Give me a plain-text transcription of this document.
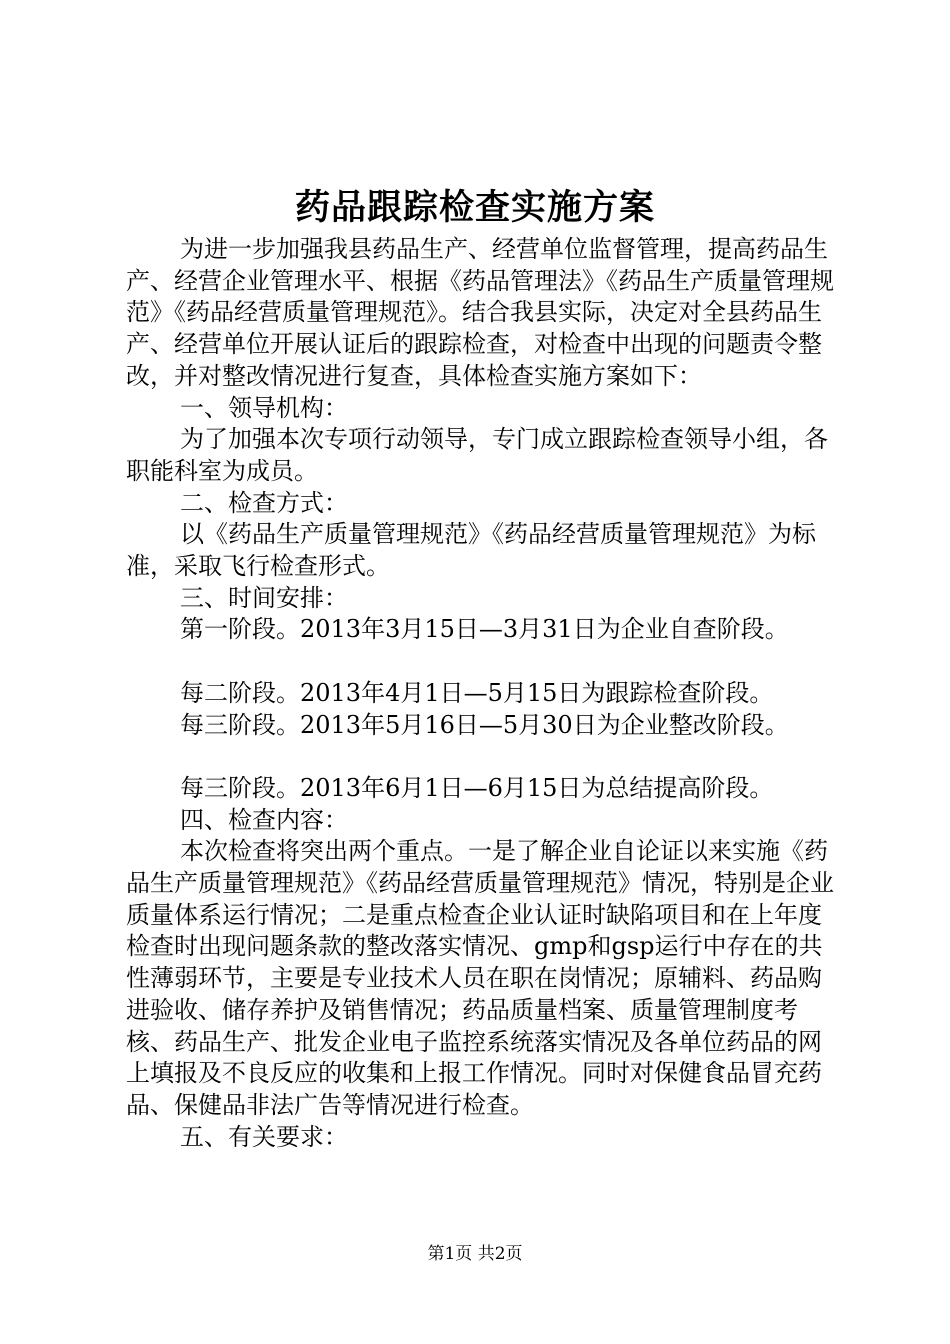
药品跟踪检查实施方案

为进一步加强我县药品生产、经营单位监督管理，提高药品生产、经营企业管理水平、根据《药品管理法》《药品生产质量管理规范》《药品经营质量管理规范》。结合我县实际，决定对全县药品生产、经营单位开展认证后的跟踪检查，对检查中出现的问题责令整改，并对整改情况进行复查，具体检查实施方案如下：

一、领导机构：

为了加强本次专项行动领导，专门成立跟踪检查领导小组，各职能科室为成员。

二、检查方式：

以《药品生产质量管理规范》《药品经营质量管理规范》为标准，采取飞行检查形式。

三、时间安排：

第一阶段。2013年3月15日—3月31日为企业自查阶段。

每二阶段。2013年4月1日—5月15日为跟踪检查阶段。

每三阶段。2013年5月16日—5月30日为企业整改阶段。

每三阶段。2013年6月1日—6月15日为总结提高阶段。

四、检查内容：

本次检查将突出两个重点。一是了解企业自论证以来实施《药品生产质量管理规范》《药品经营质量管理规范》情况，特别是企业质量体系运行情况；二是重点检查企业认证时缺陷项目和在上年度检查时出现问题条款的整改落实情况、gmp和gsp运行中存在的共性薄弱环节，主要是专业技术人员在职在岗情况；原辅料、药品购进验收、储存养护及销售情况；药品质量档案、质量管理制度考核、药品生产、批发企业电子监控系统落实情况及各单位药品的网上填报及不良反应的收集和上报工作情况。同时对保健食品冒充药品、保健品非法广告等情况进行检查。

五、有关要求：

第1页 共2页
